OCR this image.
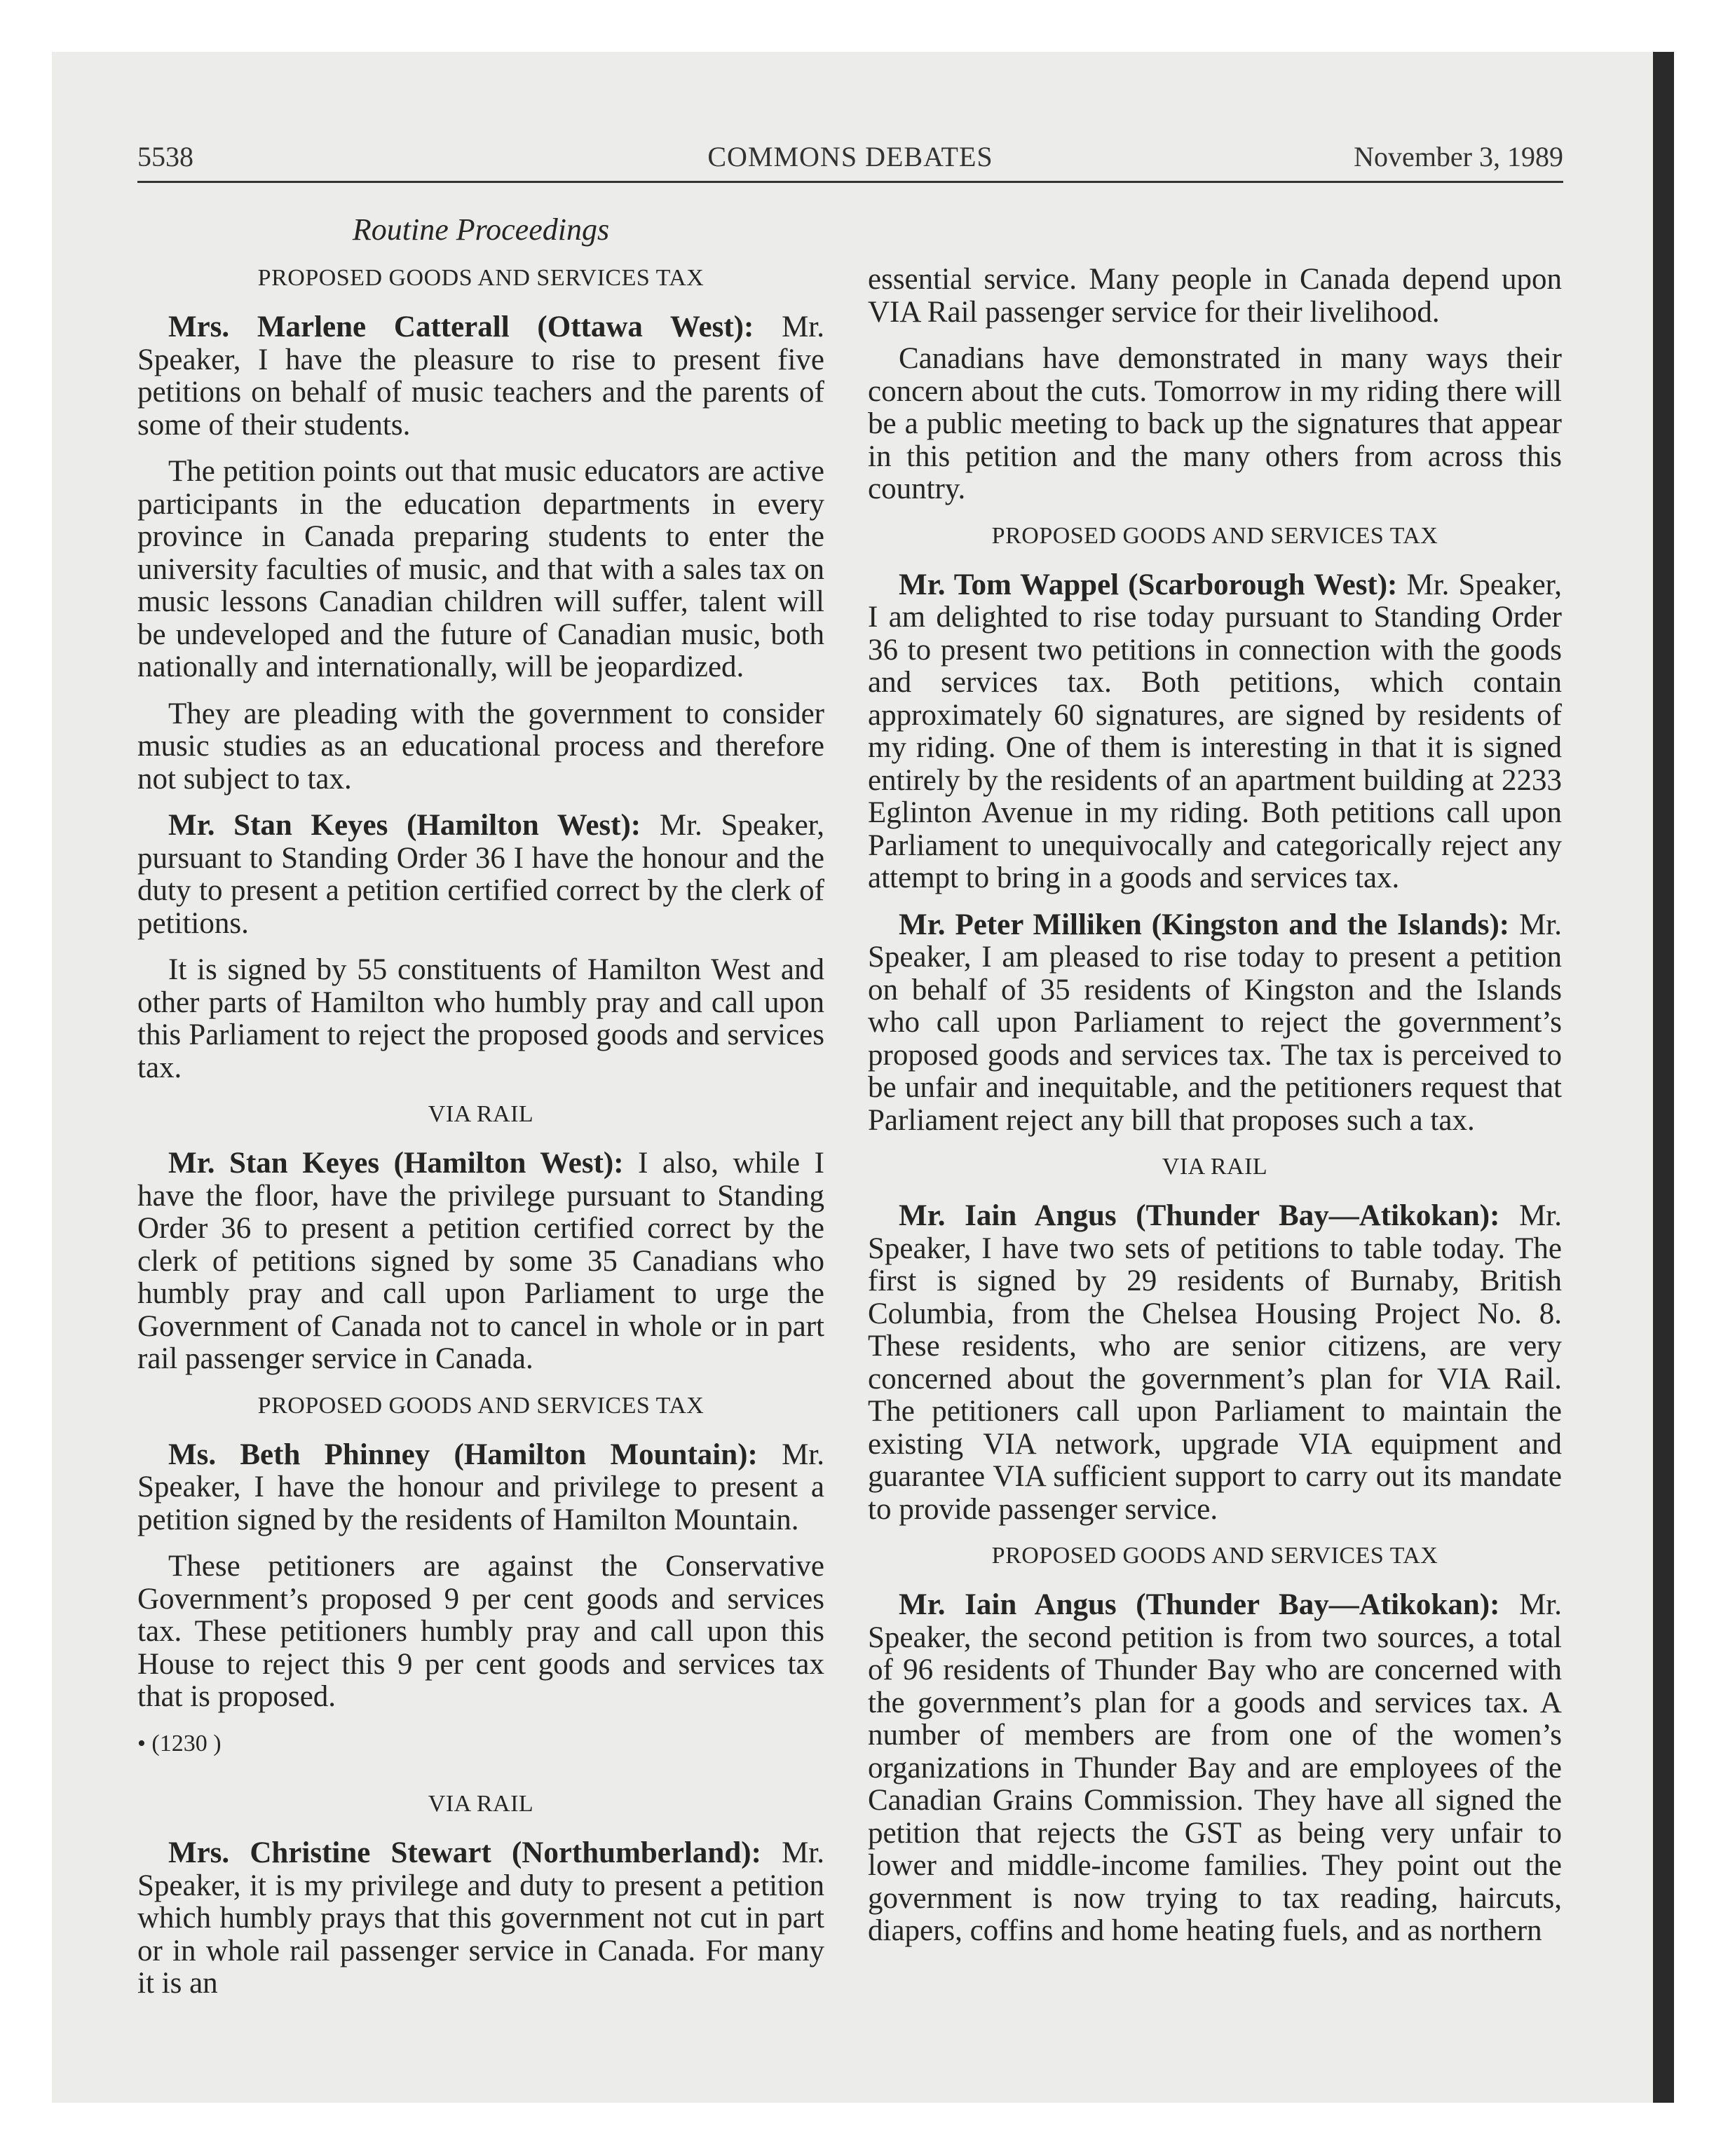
5538	COMMONS DEBATES	November 3, 1989
Routine Proceedings
PROPOSED GOODS AND SERVICES TAX

Mrs. Marlene Catterall (Ottawa West): Mr. Speaker, I have the pleasure to rise to present five petitions on behalf of music teachers and the parents of some of their students.

The petition points out that music educators are active participants in the education departments in every province in Canada preparing students to enter the university faculties of music, and that with a sales tax on music lessons Canadian children will suffer, talent will be undeveloped and the future of Canadian music, both nationally and internationally, will be jeopardized.

They are pleading with the government to consider music studies as an educational process and therefore not subject to tax.

Mr. Stan Keyes (Hamilton West): Mr. Speaker, pursuant to Standing Order 36 I have the honour and the duty to present a petition certified correct by the clerk of petitions.

It is signed by 55 constituents of Hamilton West and other parts of Hamilton who humbly pray and call upon this Parliament to reject the proposed goods and services tax.

VIA RAIL

Mr. Stan Keyes (Hamilton West): I also, while I have the floor, have the privilege pursuant to Standing Order 36 to present a petition certified correct by the clerk of petitions signed by some 35 Canadians who humbly pray and call upon Parliament to urge the Government of Canada not to cancel in whole or in part rail passenger service in Canada.

PROPOSED GOODS AND SERVICES TAX

Ms. Beth Phinney (Hamilton Mountain): Mr. Speaker, I have the honour and privilege to present a petition signed by the residents of Hamilton Mountain.

These petitioners are against the Conservative Government’s proposed 9 per cent goods and services tax. These petitioners humbly pray and call upon this House to reject this 9 per cent goods and services tax that is proposed.

• (1230 )
VIA RAIL

Mrs. Christine Stewart (Northumberland): Mr. Speaker, it is my privilege and duty to present a petition which humbly prays that this government not cut in part or in whole rail passenger service in Canada. For many it is an

essential service. Many people in Canada depend upon VIA Rail passenger service for their livelihood.

Canadians have demonstrated in many ways their concern about the cuts. Tomorrow in my riding there will be a public meeting to back up the signatures that appear in this petition and the many others from across this country.

PROPOSED GOODS AND SERVICES TAX

Mr. Tom Wappel (Scarborough West): Mr. Speaker, I am delighted to rise today pursuant to Standing Order 36 to present two petitions in connection with the goods and services tax. Both petitions, which contain approximately 60 signatures, are signed by residents of my riding. One of them is interesting in that it is signed entirely by the residents of an apartment building at 2233 Eglinton Avenue in my riding. Both petitions call upon Parliament to unequivocally and categorically reject any attempt to bring in a goods and services tax.

Mr. Peter Milliken (Kingston and the Islands): Mr. Speaker, I am pleased to rise today to present a petition on behalf of 35 residents of Kingston and the Islands who call upon Parliament to reject the government’s proposed goods and services tax. The tax is perceived to be unfair and inequitable, and the petitioners request that Parliament reject any bill that proposes such a tax.

VIA RAIL

Mr. Iain Angus (Thunder Bay—Atikokan): Mr. Speaker, I have two sets of petitions to table today. The first is signed by 29 residents of Burnaby, British Columbia, from the Chelsea Housing Project No. 8. These residents, who are senior citizens, are very concerned about the government’s plan for VIA Rail. The petitioners call upon Parliament to maintain the existing VIA network, upgrade VIA equipment and guarantee VIA sufficient support to carry out its mandate to provide passenger service.

PROPOSED GOODS AND SERVICES TAX

Mr. Iain Angus (Thunder Bay—Atikokan): Mr. Speaker, the second petition is from two sources, a total of 96 residents of Thunder Bay who are concerned with the government’s plan for a goods and services tax. A number of members are from one of the women’s organizations in Thunder Bay and are employees of the Canadian Grains Commission. They have all signed the petition that rejects the GST as being very unfair to lower and middle-income families. They point out the government is now trying to tax reading, haircuts, diapers, coffins and home heating fuels, and as northern
